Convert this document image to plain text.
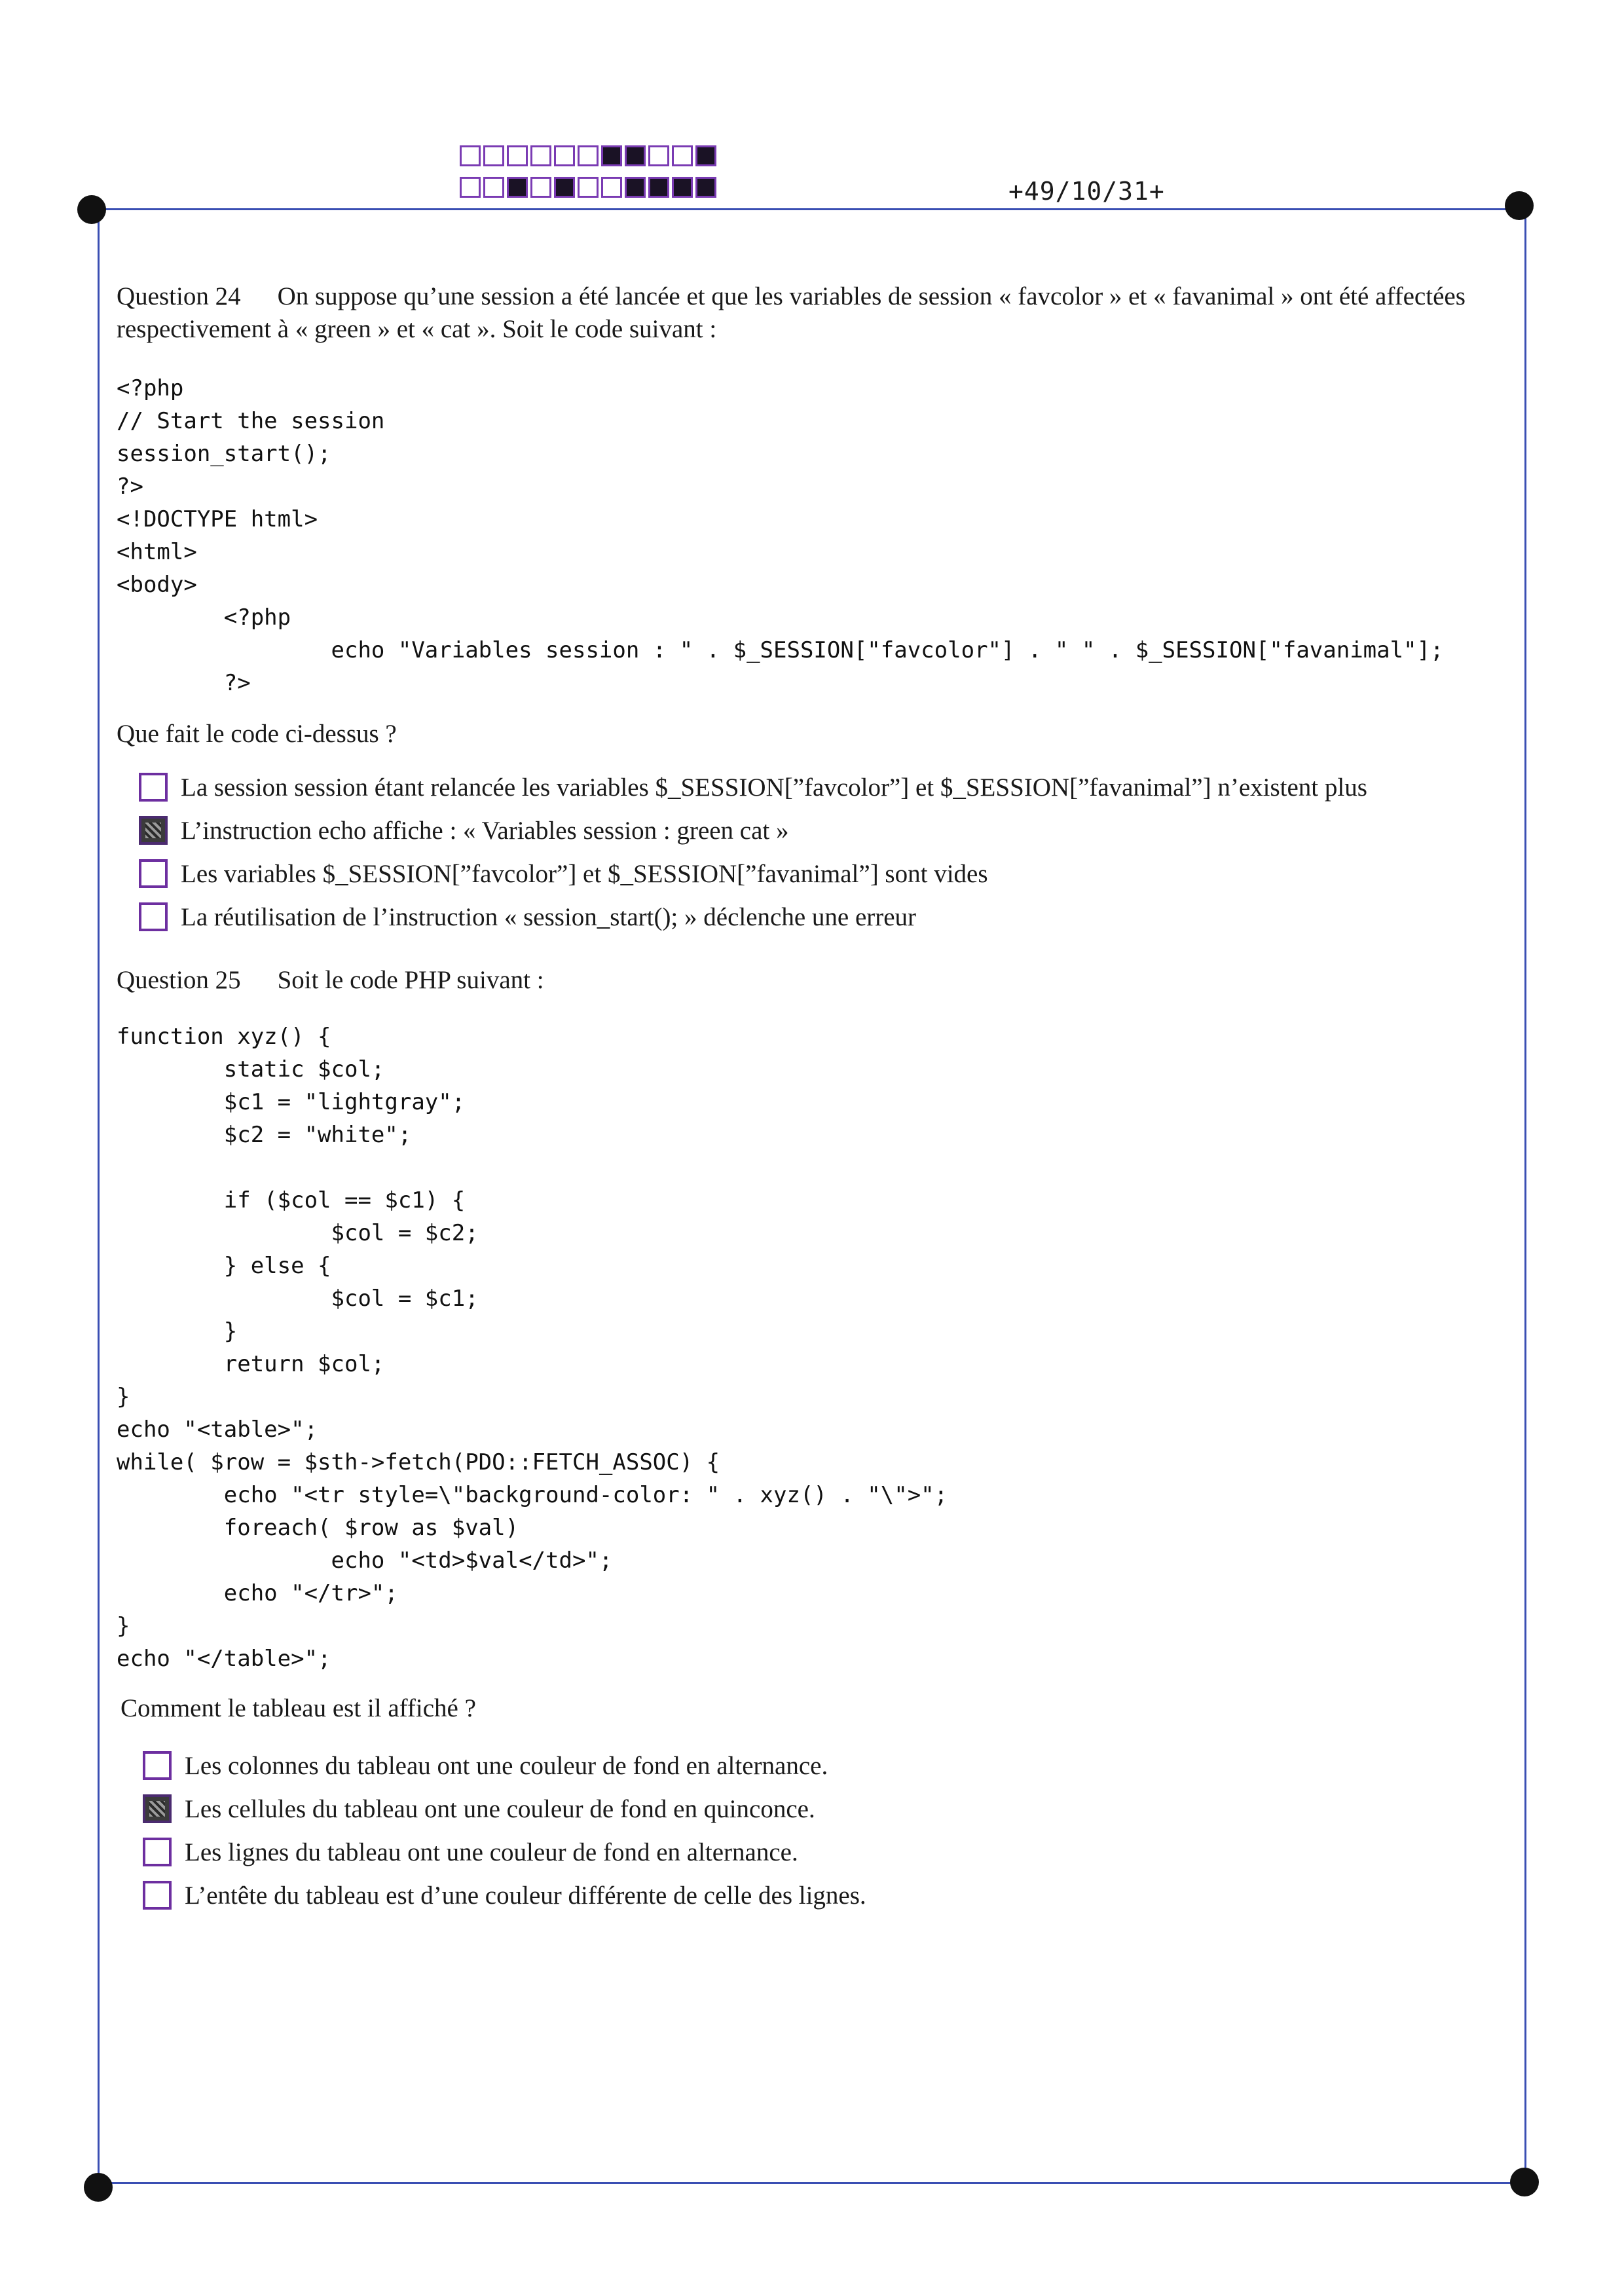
+49/10/31+
Question 24 On suppose qu’une session a été lancée et que les variables de session « favcolor » et « favanimal » ont été affectées respectivement à « green » et « cat ». Soit le code suivant :
<?php
// Start the session
session_start();
?>
<!DOCTYPE html>
<html>
<body>
<?php
echo "Variables session : " . $_SESSION["favcolor"] . " " . $_SESSION["favanimal"];
?>
Que fait le code ci-dessus ?
La session session étant relancée les variables $_SESSION[”favcolor”] et $_SESSION[”favanimal”] n’existent plus
L’instruction echo affiche : « Variables session : green cat »
Les variables $_SESSION[”favcolor”] et $_SESSION[”favanimal”] sont vides
La réutilisation de l’instruction « session_start(); » déclenche une erreur
Question 25 Soit le code PHP suivant :
function xyz() {
static $col;
$c1 = "lightgray";
$c2 = "white";

if ($col == $c1) {
$col = $c2;
} else {
$col = $c1;
}
return $col;
}
echo "<table>";
while( $row = $sth->fetch(PDO::FETCH_ASSOC) {
echo "<tr style=\"background-color: " . xyz() . "\">";
foreach( $row as $val)
echo "<td>$val</td>";
echo "</tr>";
}
echo "</table>";
Comment le tableau est il affiché ?
Les colonnes du tableau ont une couleur de fond en alternance.
Les cellules du tableau ont une couleur de fond en quinconce.
Les lignes du tableau ont une couleur de fond en alternance.
L’entête du tableau est d’une couleur différente de celle des lignes.
